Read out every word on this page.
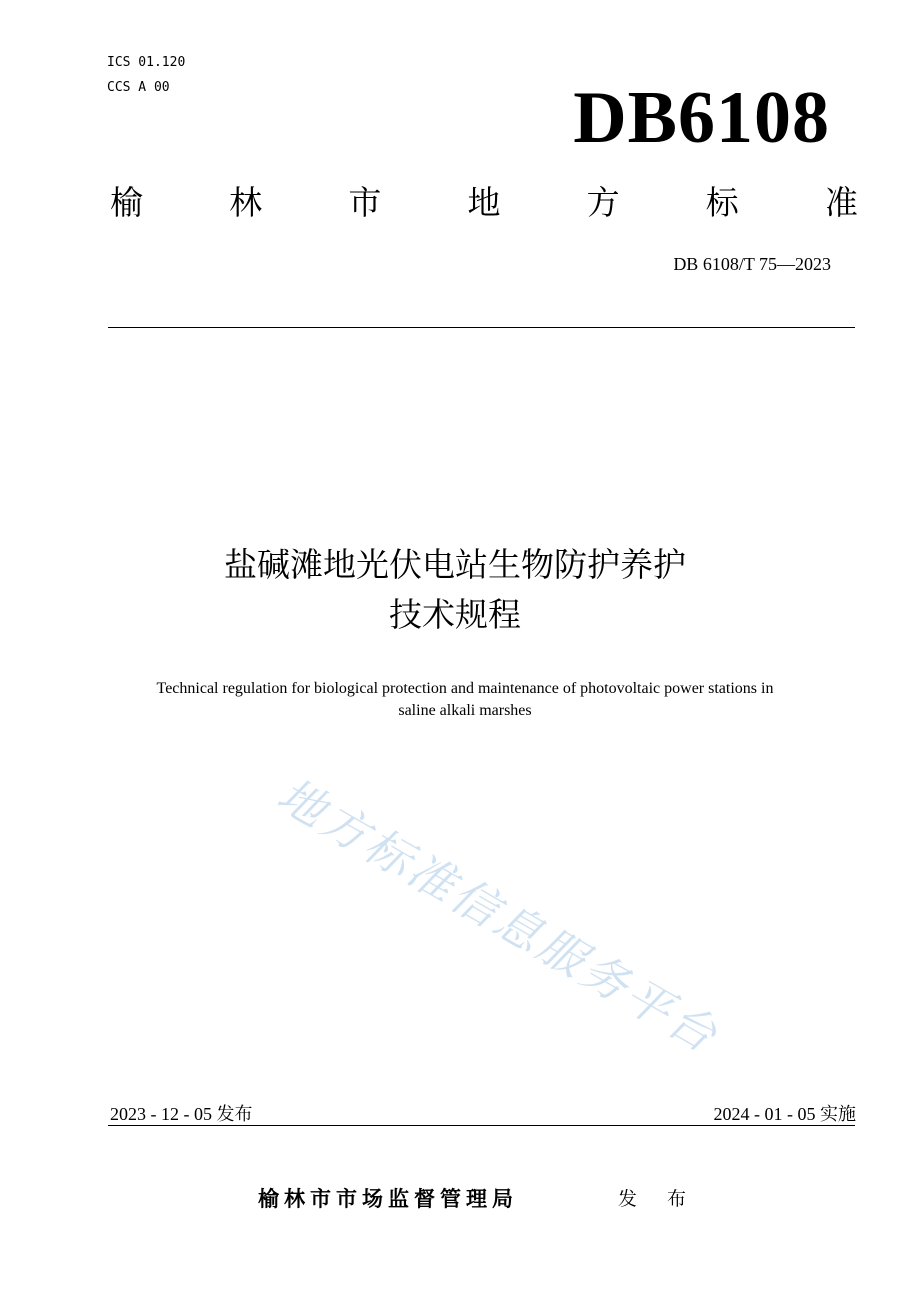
ICS 01.120
CCS A 00	DB6108
榆	林	市	地	方	标	准
DB 6108/T 75—2023
盐碱滩地光伏电站生物防护养护
技术规程
Technical regulation for biological protection and maintenance of photovoltaic power stations in
saline alkali marshes
地方标准信息服务平台
2023 - 12 - 05 发布	2024 - 01 - 05 实施
榆林市市场监督管理局	发 布
